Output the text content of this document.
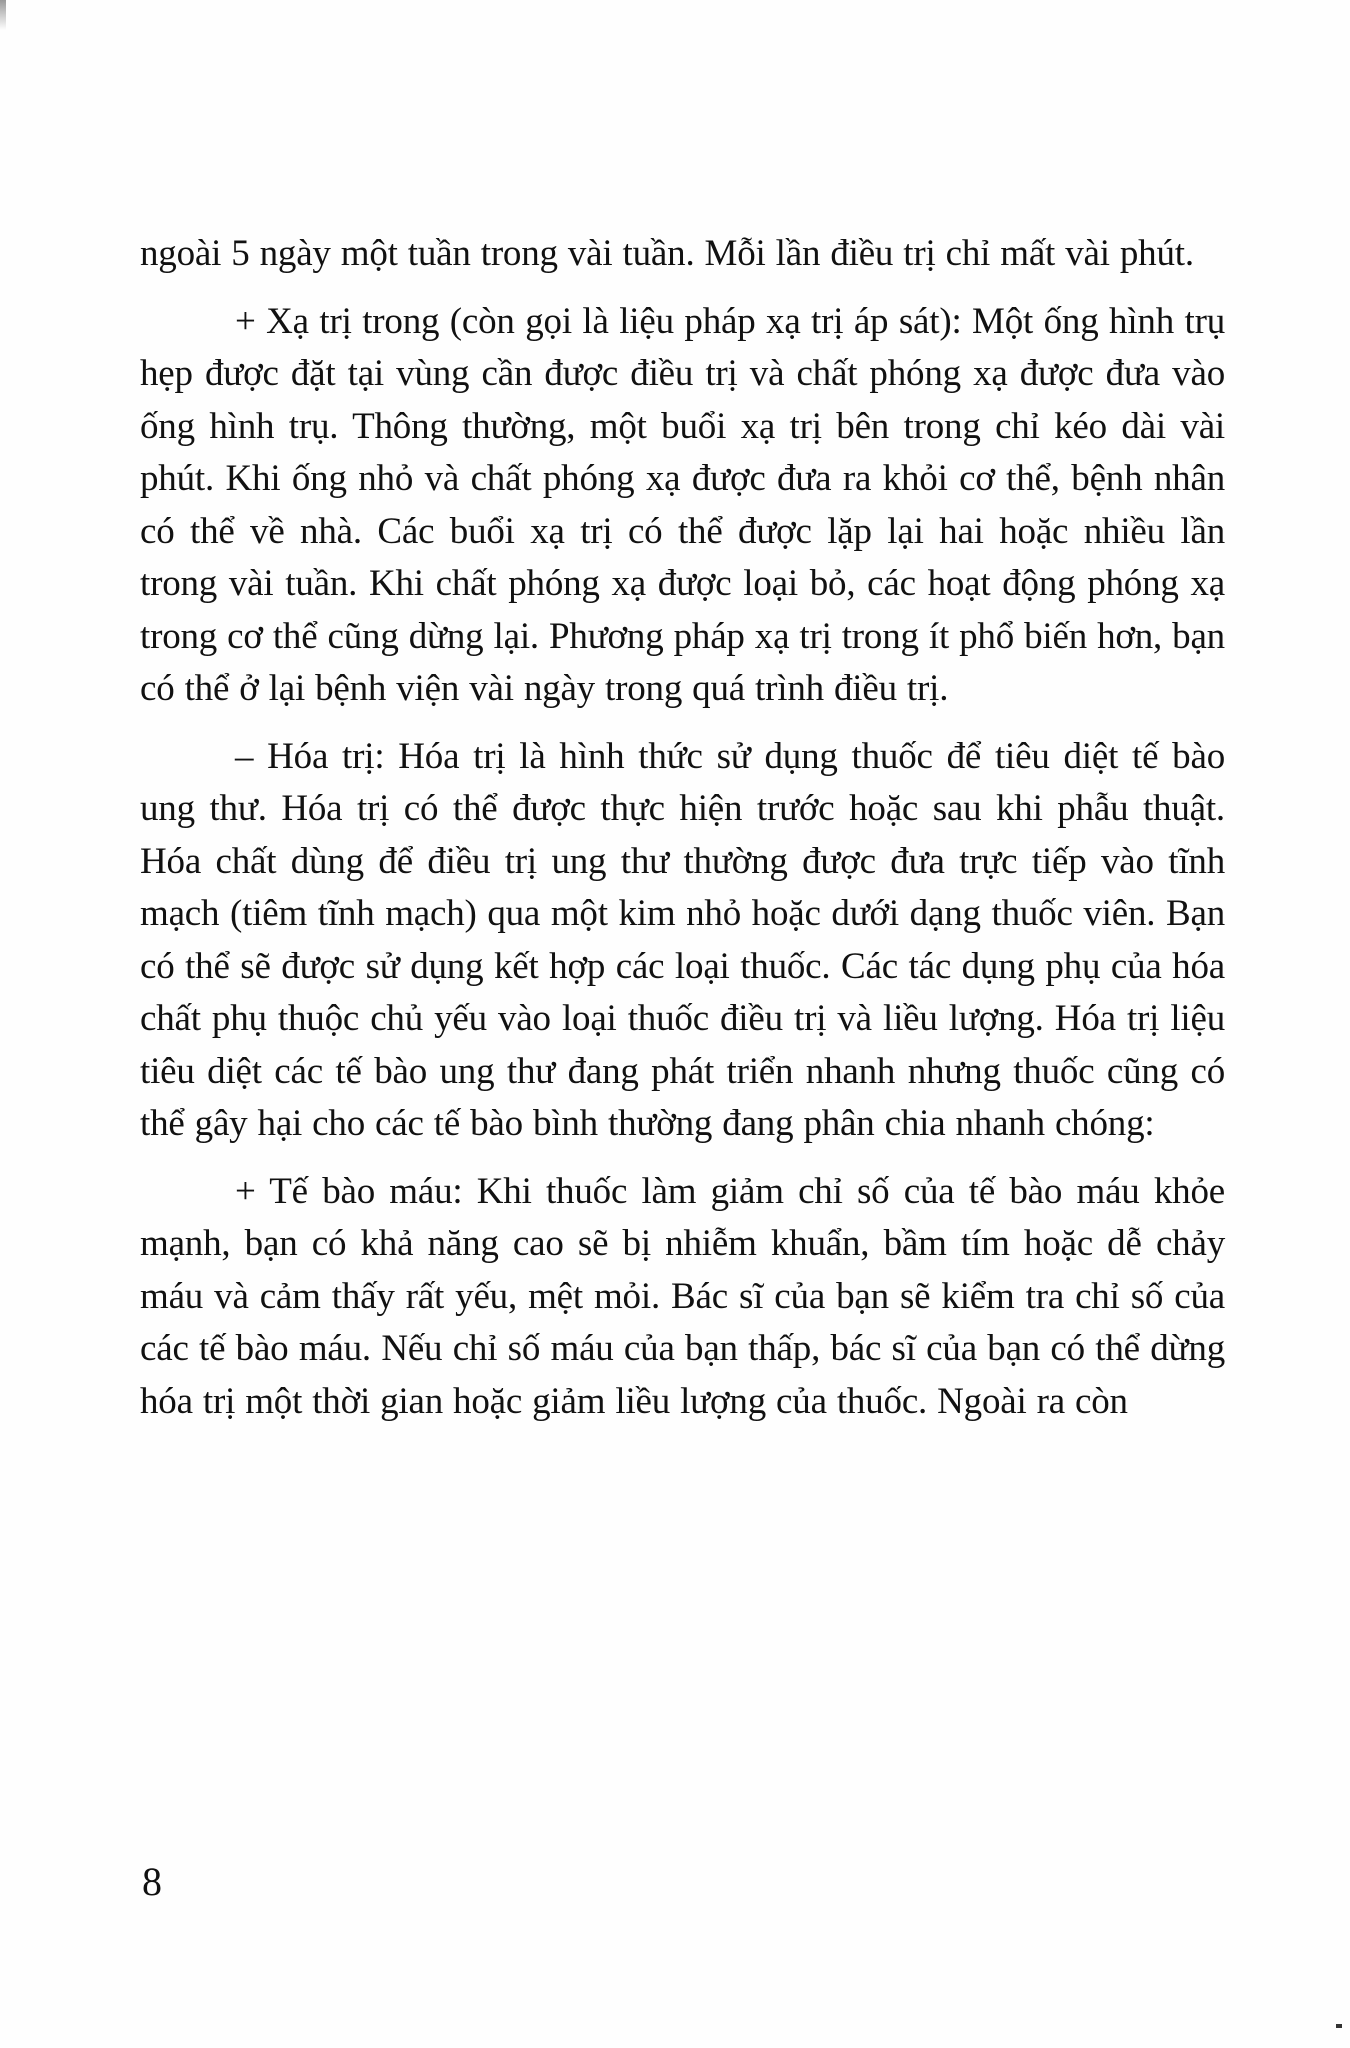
ngoài 5 ngày một tuần trong vài tuần. Mỗi lần điều trị chỉ mất vài phút.

+ Xạ trị trong (còn gọi là liệu pháp xạ trị áp sát): Một ống hình trụ hẹp được đặt tại vùng cần được điều trị và chất phóng xạ được đưa vào ống hình trụ. Thông thường, một buổi xạ trị bên trong chỉ kéo dài vài phút. Khi ống nhỏ và chất phóng xạ được đưa ra khỏi cơ thể, bệnh nhân có thể về nhà. Các buổi xạ trị có thể được lặp lại hai hoặc nhiều lần trong vài tuần. Khi chất phóng xạ được loại bỏ, các hoạt động phóng xạ trong cơ thể cũng dừng lại. Phương pháp xạ trị trong ít phổ biến hơn, bạn có thể ở lại bệnh viện vài ngày trong quá trình điều trị.

– Hóa trị: Hóa trị là hình thức sử dụng thuốc để tiêu diệt tế bào ung thư. Hóa trị có thể được thực hiện trước hoặc sau khi phẫu thuật. Hóa chất dùng để điều trị ung thư thường được đưa trực tiếp vào tĩnh mạch (tiêm tĩnh mạch) qua một kim nhỏ hoặc dưới dạng thuốc viên. Bạn có thể sẽ được sử dụng kết hợp các loại thuốc. Các tác dụng phụ của hóa chất phụ thuộc chủ yếu vào loại thuốc điều trị và liều lượng. Hóa trị liệu tiêu diệt các tế bào ung thư đang phát triển nhanh nhưng thuốc cũng có thể gây hại cho các tế bào bình thường đang phân chia nhanh chóng:

+ Tế bào máu: Khi thuốc làm giảm chỉ số của tế bào máu khỏe mạnh, bạn có khả năng cao sẽ bị nhiễm khuẩn, bầm tím hoặc dễ chảy máu và cảm thấy rất yếu, mệt mỏi. Bác sĩ của bạn sẽ kiểm tra chỉ số của các tế bào máu. Nếu chỉ số máu của bạn thấp, bác sĩ của bạn có thể dừng hóa trị một thời gian hoặc giảm liều lượng của thuốc. Ngoài ra còn

8
